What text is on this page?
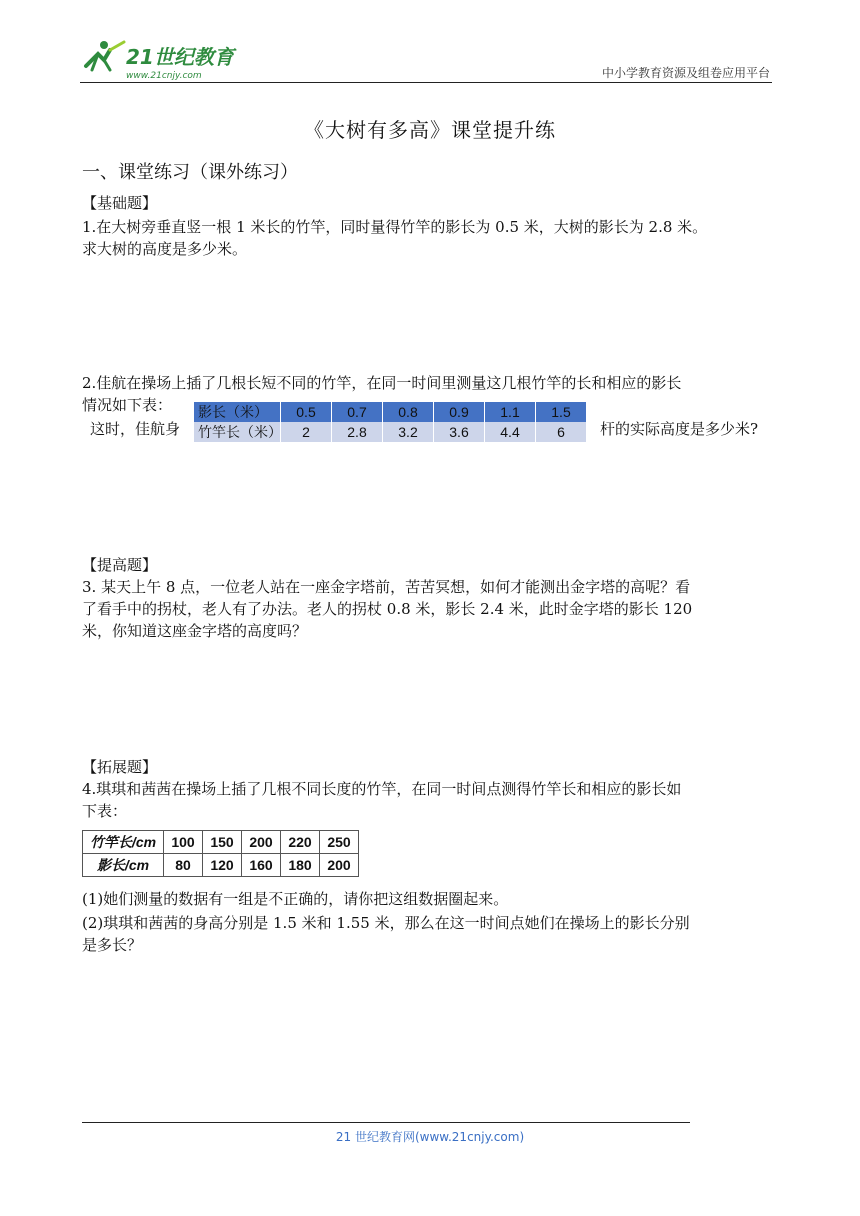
21世纪教育
www.21cnjy.com	中小学教育资源及组卷应用平台
《大树有多高》课堂提升练
一、课堂练习（课外练习）
【基础题】
1.在大树旁垂直竖一根 1 米长的竹竿，同时量得竹竿的影长为 0.5 米，大树的影长为 2.8 米。
求大树的高度是多少米。
2.佳航在操场上插了几根长短不同的竹竿，在同一时间里测量这几根竹竿的长和相应的影长
情况如下表：
这时，佳航身	杆的实际高度是多少米?
影长（米）	0.5	0.7	0.8	0.9	1.1	1.5
竹竿长（米）	2	2.8	3.2	3.6	4.4	6
【提高题】
3. 某天上午 8 点，一位老人站在一座金字塔前，苦苦冥想，如何才能测出金字塔的高呢？看
了看手中的拐杖，老人有了办法。老人的拐杖 0.8 米，影长 2.4 米，此时金字塔的影长 120
米，你知道这座金字塔的高度吗？
【拓展题】
4.琪琪和茜茜在操场上插了几根不同长度的竹竿，在同一时间点测得竹竿长和相应的影长如
下表：
竹竿长/cm	100	150	200	220	250
影长/cm	80	120	160	180	200
(1)她们测量的数据有一组是不正确的，请你把这组数据圈起来。
(2)琪琪和茜茜的身高分别是 1.5 米和 1.55 米，那么在这一时间点她们在操场上的影长分别
是多长？
21 世纪教育网(www.21cnjy.com)
